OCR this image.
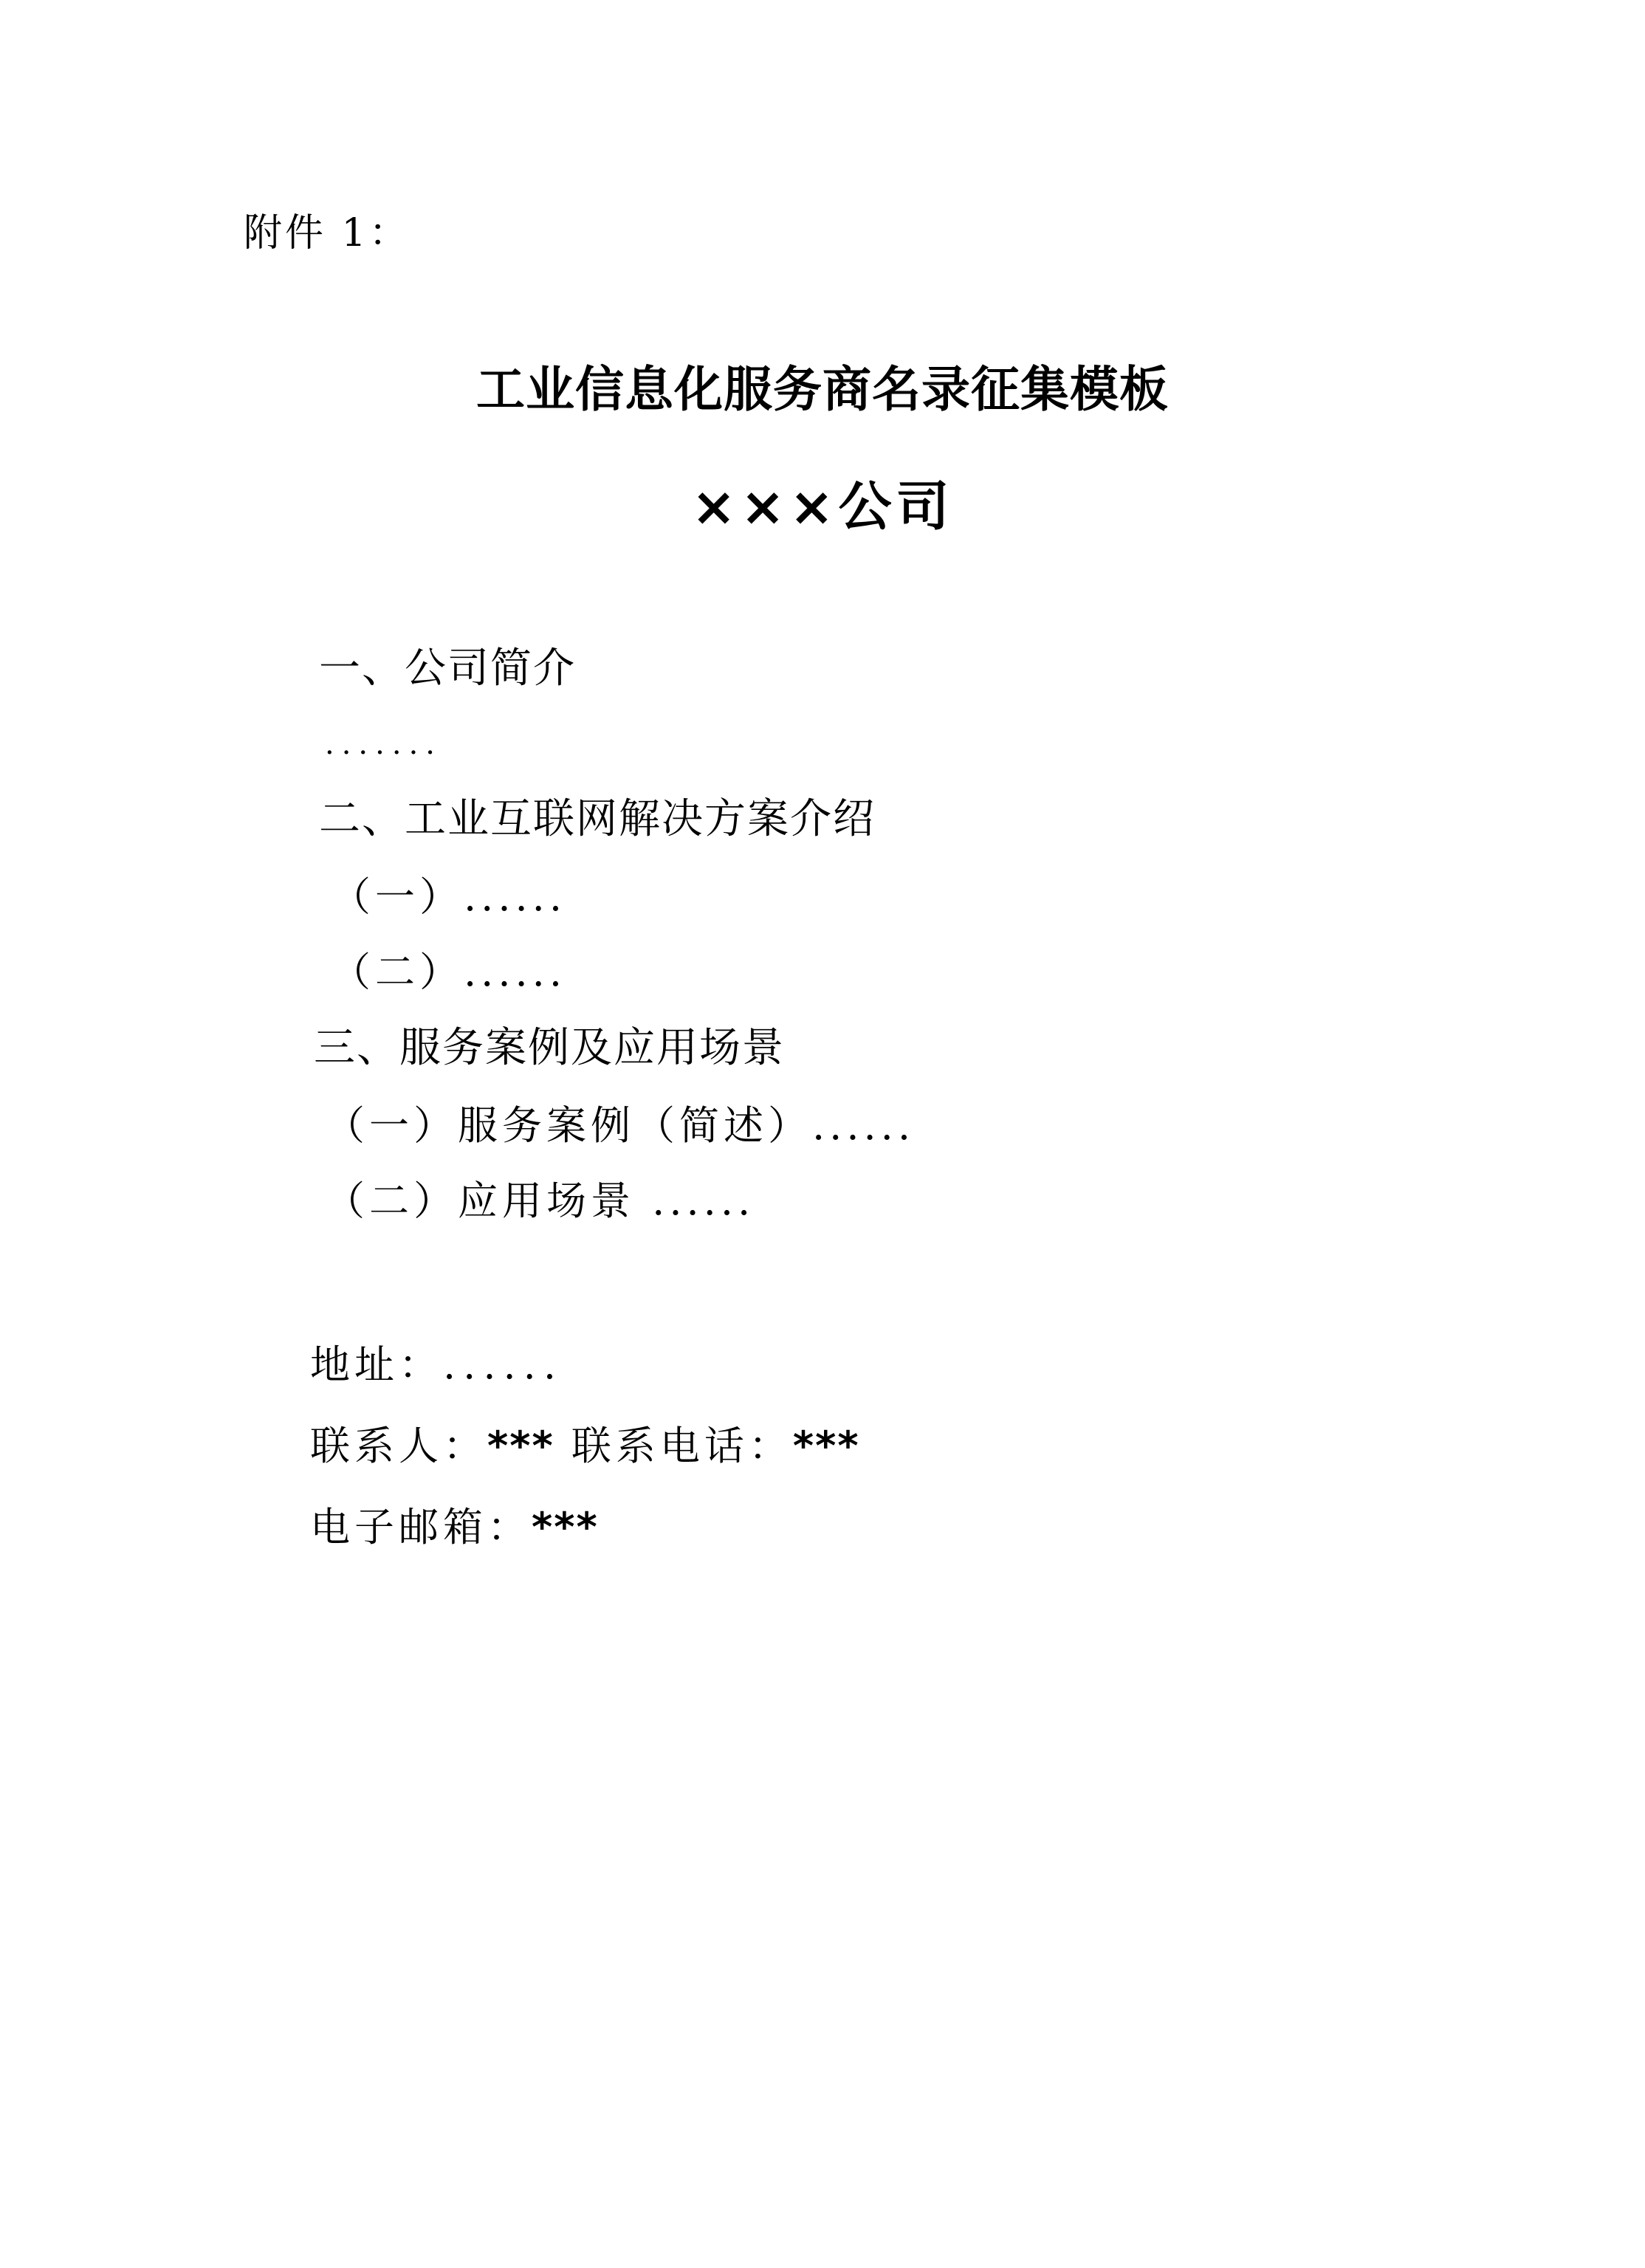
附件 1：
工业信息化服务商名录征集模板
×××公司
一、公司简介
·······
二、工业互联网解决方案介绍
（一）......
（二）......
三、服务案例及应用场景
（一）服务案例（简述）......
（二）应用场景 ......
地址：......
联系人：*** 联系电话：***
电子邮箱：***
